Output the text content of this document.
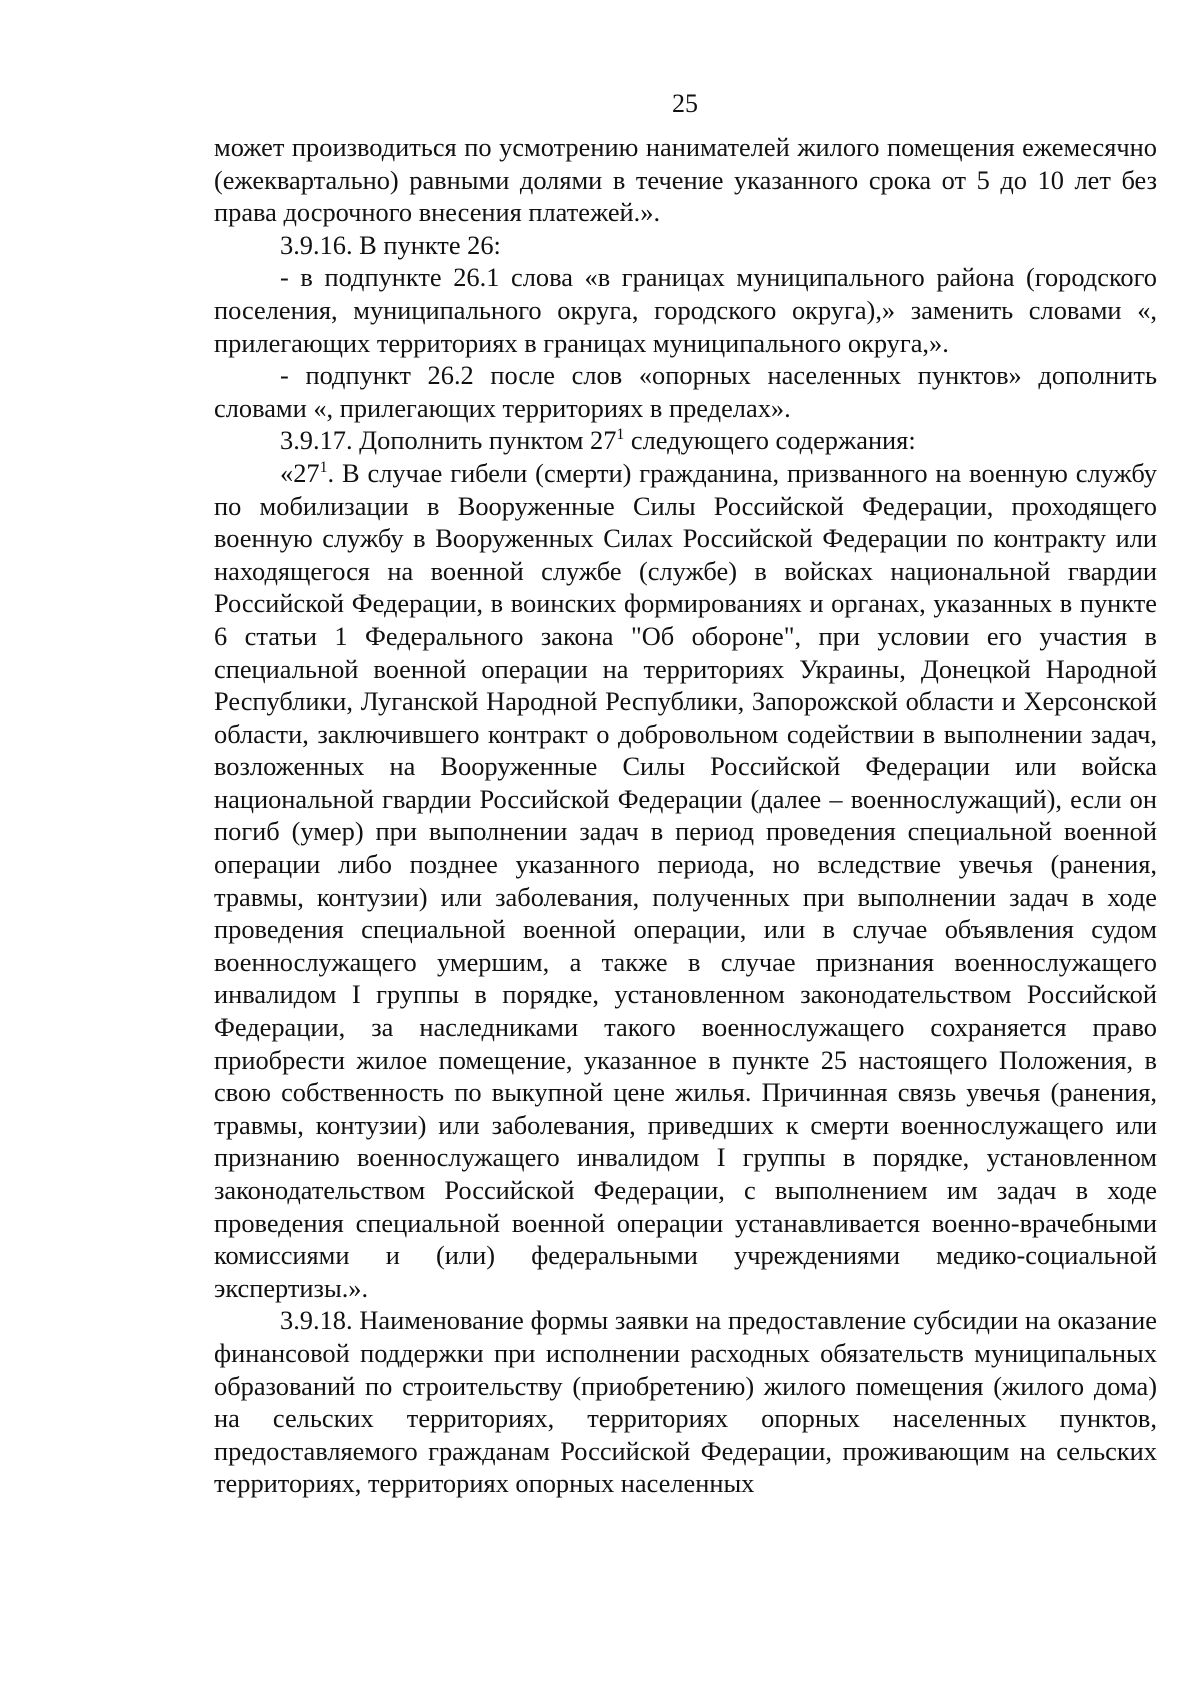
25

может производиться по усмотрению нанимателей жилого помещения ежемесячно (ежеквартально) равными долями в течение указанного срока от 5 до 10 лет без права досрочного внесения платежей.».

3.9.16. В пункте 26:

- в подпункте 26.1 слова «в границах муниципального района (городского поселения, муниципального округа, городского округа),» заменить словами «, прилегающих территориях в границах муниципального округа,».

- подпункт 26.2 после слов «опорных населенных пунктов» дополнить словами «, прилегающих территориях в пределах».

3.9.17. Дополнить пунктом $27^1$ следующего содержания:

«$27^1$. В случае гибели (смерти) гражданина, призванного на военную службу по мобилизации в Вооруженные Силы Российской Федерации, проходящего военную службу в Вооруженных Силах Российской Федерации по контракту или находящегося на военной службе (службе) в войсках национальной гвардии Российской Федерации, в воинских формированиях и органах, указанных в пункте 6 статьи 1 Федерального закона "Об обороне", при условии его участия в специальной военной операции на территориях Украины, Донецкой Народной Республики, Луганской Народной Республики, Запорожской области и Херсонской области, заключившего контракт о добровольном содействии в выполнении задач, возложенных на Вооруженные Силы Российской Федерации или войска национальной гвардии Российской Федерации (далее – военнослужащий), если он погиб (умер) при выполнении задач в период проведения специальной военной операции либо позднее указанного периода, но вследствие увечья (ранения, травмы, контузии) или заболевания, полученных при выполнении задач в ходе проведения специальной военной операции, или в случае объявления судом военнослужащего умершим, а также в случае признания военнослужащего инвалидом I группы в порядке, установленном законодательством Российской Федерации, за наследниками такого военнослужащего сохраняется право приобрести жилое помещение, указанное в пункте 25 настоящего Положения, в свою собственность по выкупной цене жилья. Причинная связь увечья (ранения, травмы, контузии) или заболевания, приведших к смерти военнослужащего или признанию военнослужащего инвалидом I группы в порядке, установленном законодательством Российской Федерации, с выполнением им задач в ходе проведения специальной военной операции устанавливается военно-врачебными комиссиями и (или) федеральными учреждениями медико-социальной экспертизы.».

3.9.18. Наименование формы заявки на предоставление субсидии на оказание финансовой поддержки при исполнении расходных обязательств муниципальных образований по строительству (приобретению) жилого помещения (жилого дома) на сельских территориях, территориях опорных населенных пунктов, предоставляемого гражданам Российской Федерации, проживающим на сельских территориях, территориях опорных населенных
